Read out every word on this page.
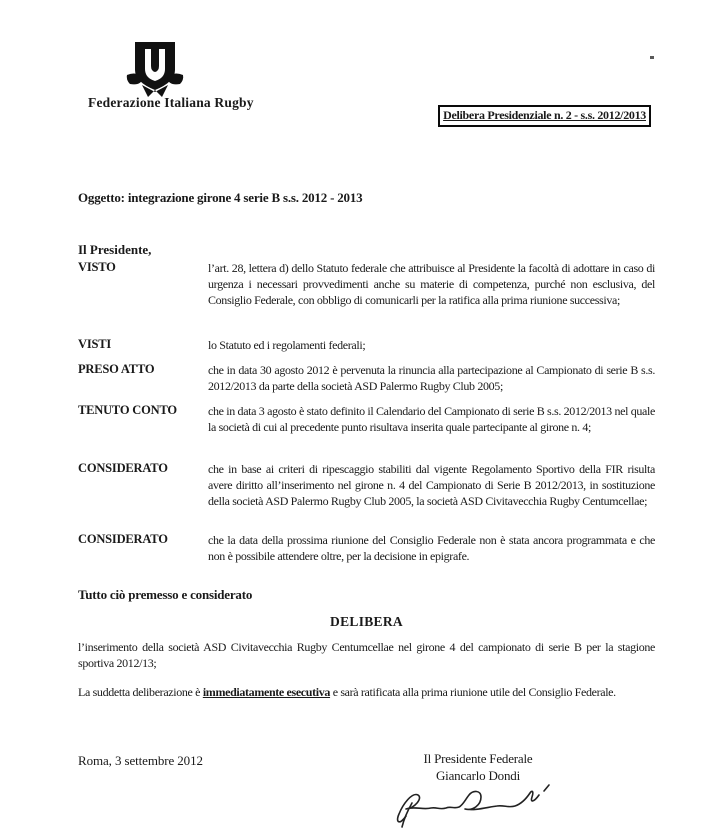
Federazione Italiana Rugby
Delibera Presidenziale n. 2 - s.s. 2012/2013
Oggetto: integrazione girone 4 serie B s.s. 2012 - 2013
Il Presidente,
VISTO	l’art. 28, lettera d) dello Statuto federale che attribuisce al Presidente la facoltà di adottare in caso di urgenza i necessari provvedimenti anche su materie di competenza, purché non esclusiva, del Consiglio Federale, con obbligo di comunicarli per la ratifica alla prima riunione successiva;
VISTI	lo Statuto ed i regolamenti federali;
PRESO ATTO	che in data 30 agosto 2012 è pervenuta la rinuncia alla partecipazione al Campionato di serie B s.s. 2012/2013 da parte della società ASD Palermo Rugby Club 2005;
TENUTO CONTO	che in data 3 agosto è stato definito il Calendario del Campionato di serie B s.s. 2012/2013 nel quale la società di cui al precedente punto risultava inserita quale partecipante al girone n. 4;
CONSIDERATO	che in base ai criteri di ripescaggio stabiliti dal vigente Regolamento Sportivo della FIR risulta avere diritto all’inserimento nel girone n. 4 del Campionato di Serie B 2012/2013, in sostituzione della società ASD Palermo Rugby Club 2005, la società ASD Civitavecchia Rugby Centumcellae;
CONSIDERATO	che la data della prossima riunione del Consiglio Federale non è stata ancora programmata e che non è possibile attendere oltre, per la decisione in epigrafe.
Tutto ciò premesso e considerato
DELIBERA
l’inserimento della società ASD Civitavecchia Rugby Centumcellae nel girone 4 del campionato di serie B per la stagione sportiva 2012/13;
La suddetta deliberazione è immediatamente esecutiva e sarà ratificata alla prima riunione utile del Consiglio Federale.
Roma, 3 settembre 2012	Il Presidente Federale
Giancarlo Dondi
